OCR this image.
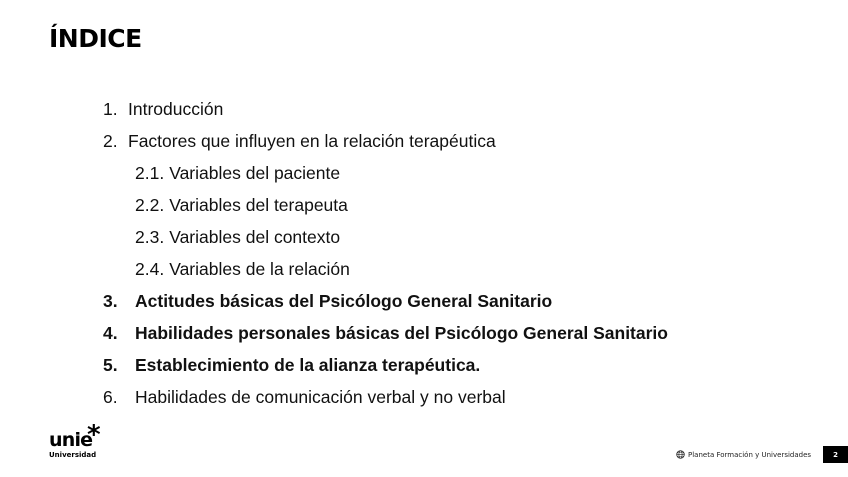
ÍNDICE
1. Introducción
2. Factores que influyen en la relación terapéutica
2.1. Variables del paciente
2.2. Variables del terapeuta
2.3. Variables del contexto
2.4. Variables de la relación
3. Actitudes básicas del Psicólogo General Sanitario
4. Habilidades personales básicas del Psicólogo General Sanitario
5. Establecimiento de la alianza terapéutica.
6. Habilidades de comunicación verbal y no verbal
unie
*
Universidad	Planeta Formación y Universidades	2
